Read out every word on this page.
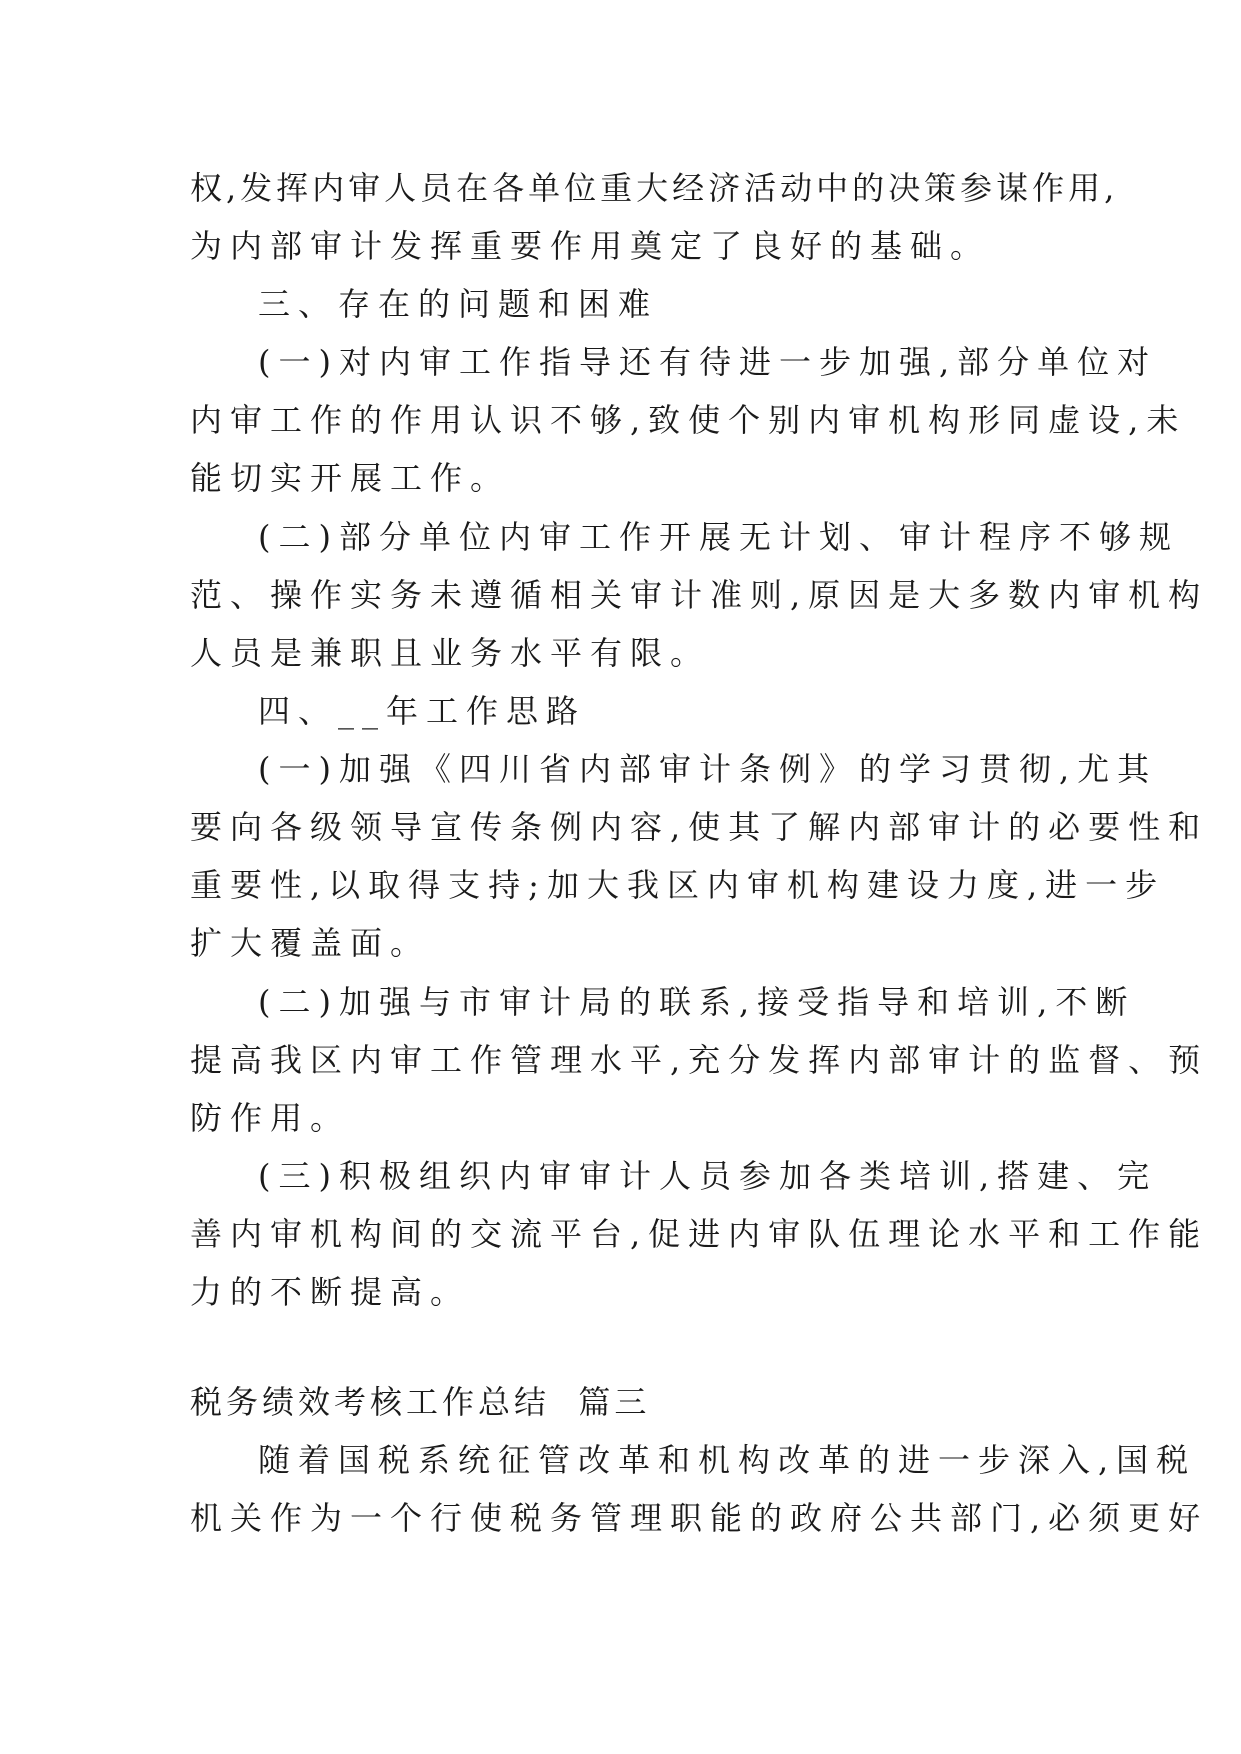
权,发挥内审人员在各单位重大经济活动中的决策参谋作用,
为内部审计发挥重要作用奠定了良好的基础。
三、存在的问题和困难
(一)对内审工作指导还有待进一步加强,部分单位对
内审工作的作用认识不够,致使个别内审机构形同虚设,未
能切实开展工作。
(二)部分单位内审工作开展无计划、审计程序不够规
范、操作实务未遵循相关审计准则,原因是大多数内审机构
人员是兼职且业务水平有限。
四、__年工作思路
(一)加强《四川省内部审计条例》的学习贯彻,尤其
要向各级领导宣传条例内容,使其了解内部审计的必要性和
重要性,以取得支持;加大我区内审机构建设力度,进一步
扩大覆盖面。
(二)加强与市审计局的联系,接受指导和培训,不断
提高我区内审工作管理水平,充分发挥内部审计的监督、预
防作用。
(三)积极组织内审审计人员参加各类培训,搭建、完
善内审机构间的交流平台,促进内审队伍理论水平和工作能
力的不断提高。
税务绩效考核工作总结  篇三
随着国税系统征管改革和机构改革的进一步深入,国税
机关作为一个行使税务管理职能的政府公共部门,必须更好
